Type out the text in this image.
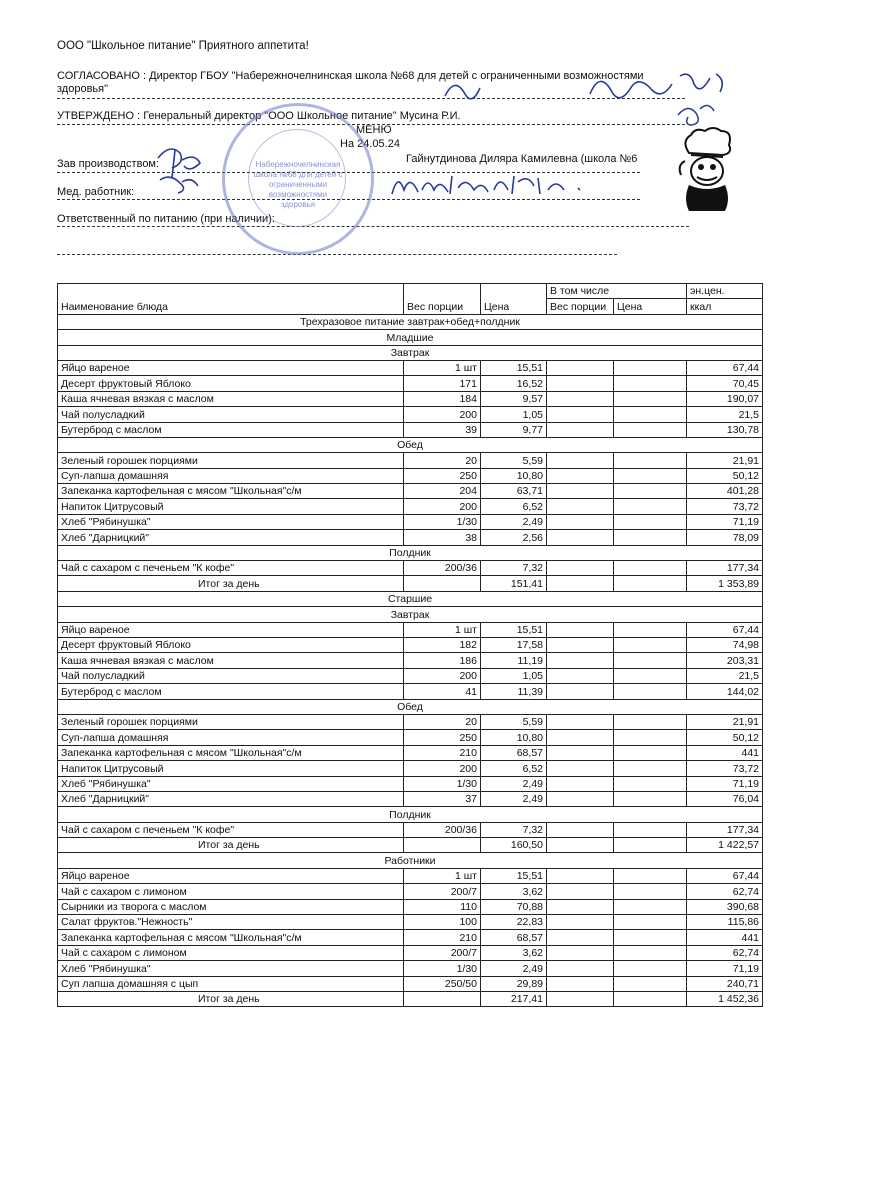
ООО "Школьное питание" Приятного аппетита!
СОГЛАСОВАНО : Директор ГБОУ "Набережночелнинская школа №68 для детей с ограниченными возможностями
здоровья"
УТВЕРЖДЕНО : Генеральный директор "ООО Школьное питание" Мусина Р.И.
МЕНЮ
На 24.05.24
Зав производством:	Гайнутдинова Диляра Камилевна (школа №6
Мед. работник:
Ответственный по питанию (при наличии):
Набережночелнинская школа №68 для детей с ограниченными возможностями здоровья
Наименование блюда	Вес порции	Цена	В том числе		эн.цен.
			Вес порции	Цена	ккал
Трехразовое питание завтрак+обед+полдник					
Младшие					
Завтрак					
Яйцо вареное	1 шт	15,51			67,44
Десерт фруктовый Яблоко	171	16,52			70,45
Каша ячневая вязкая с маслом	184	9,57			190,07
Чай полусладкий	200	1,05			21,5
Бутерброд с маслом	39	9,77			130,78
Обед					
Зеленый горошек порциями	20	5,59			21,91
Суп-лапша домашняя	250	10,80			50,12
Запеканка картофельная с мясом "Школьная"с/м	204	63,71			401,28
Напиток Цитрусовый	200	6,52			73,72
Хлеб "Рябинушка"	1/30	2,49			71,19
Хлеб "Дарницкий"	38	2,56			78,09
Полдник					
Чай с сахаром с печеньем "К кофе"	200/36	7,32			177,34
Итог за день		151,41			1 353,89
Старшие					
Завтрак					
Яйцо вареное	1 шт	15,51			67,44
Десерт фруктовый Яблоко	182	17,58			74,98
Каша ячневая вязкая с маслом	186	11,19			203,31
Чай полусладкий	200	1,05			21,5
Бутерброд с маслом	41	11,39			144,02
Обед					
Зеленый горошек порциями	20	5,59			21,91
Суп-лапша домашняя	250	10,80			50,12
Запеканка картофельная с мясом "Школьная"с/м	210	68,57			441
Напиток Цитрусовый	200	6,52			73,72
Хлеб "Рябинушка"	1/30	2,49			71,19
Хлеб "Дарницкий"	37	2,49			76,04
Полдник					
Чай с сахаром с печеньем "К кофе"	200/36	7,32			177,34
Итог за день		160,50			1 422,57
Работники					
Яйцо вареное	1 шт	15,51			67,44
Чай с сахаром с лимоном	200/7	3,62			62,74
Сырники из творога с маслом	110	70,88			390,68
Салат фруктов."Нежность"	100	22,83			115,86
Запеканка картофельная с мясом "Школьная"с/м	210	68,57			441
Чай с сахаром с лимоном	200/7	3,62			62,74
Хлеб "Рябинушка"	1/30	2,49			71,19
Суп лапша домашняя с цып	250/50	29,89			240,71
Итог за день		217,41			1 452,36
